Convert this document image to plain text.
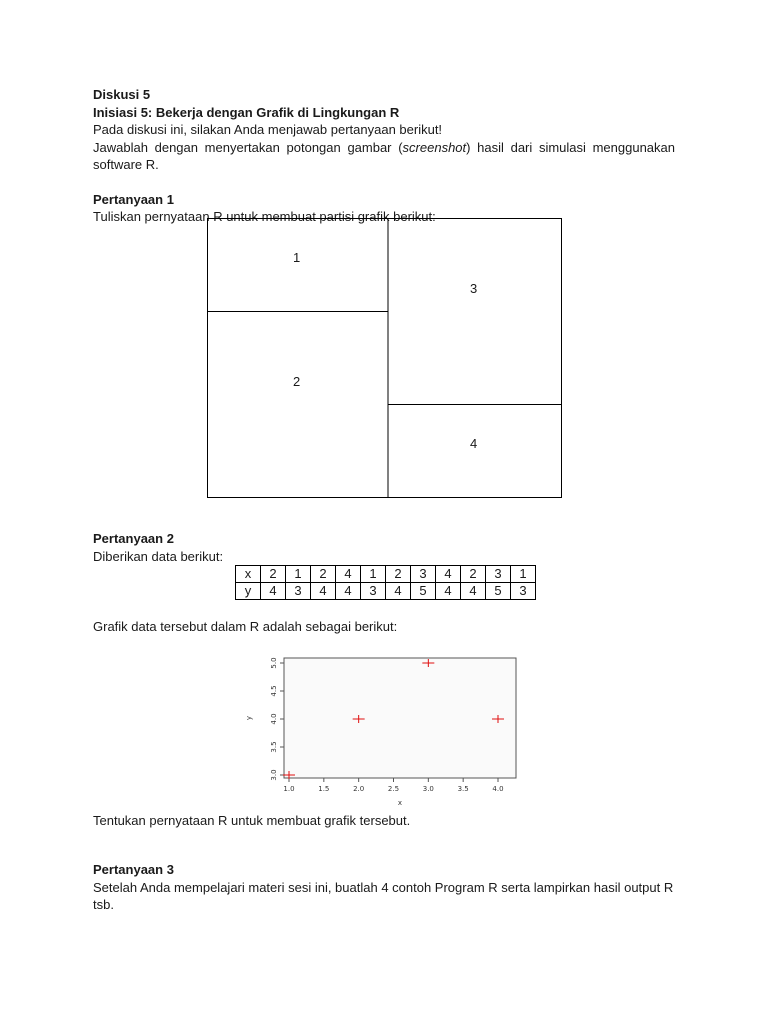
Diskusi 5

Inisiasi 5: Bekerja dengan Grafik di Lingkungan R

Pada diskusi ini, silakan Anda menjawab pertanyaan berikut!

Jawablah dengan menyertakan potongan gambar (screenshot) hasil dari simulasi menggunakan software R.

Pertanyaan 1

Tuliskan pernyataan R untuk membuat partisi grafik berikut:

1
2
3
4

Pertanyaan 2

Diberikan data berikut:

x	2	1	2	4	1	2	3	4	2	3	1
y	4	3	4	4	3	4	5	4	4	5	3
Grafik data tersebut dalam R adalah sebagai berikut:
1.0	1.5	2.0	2.5	3.0	3.5	4.0
3.0
3.5
4.0
4.5
5.0
x
y
Tentukan pernyataan R untuk membuat grafik tersebut.

Pertanyaan 3

Setelah Anda mempelajari materi sesi ini, buatlah 4 contoh Program R serta lampirkan hasil output R tsb.
